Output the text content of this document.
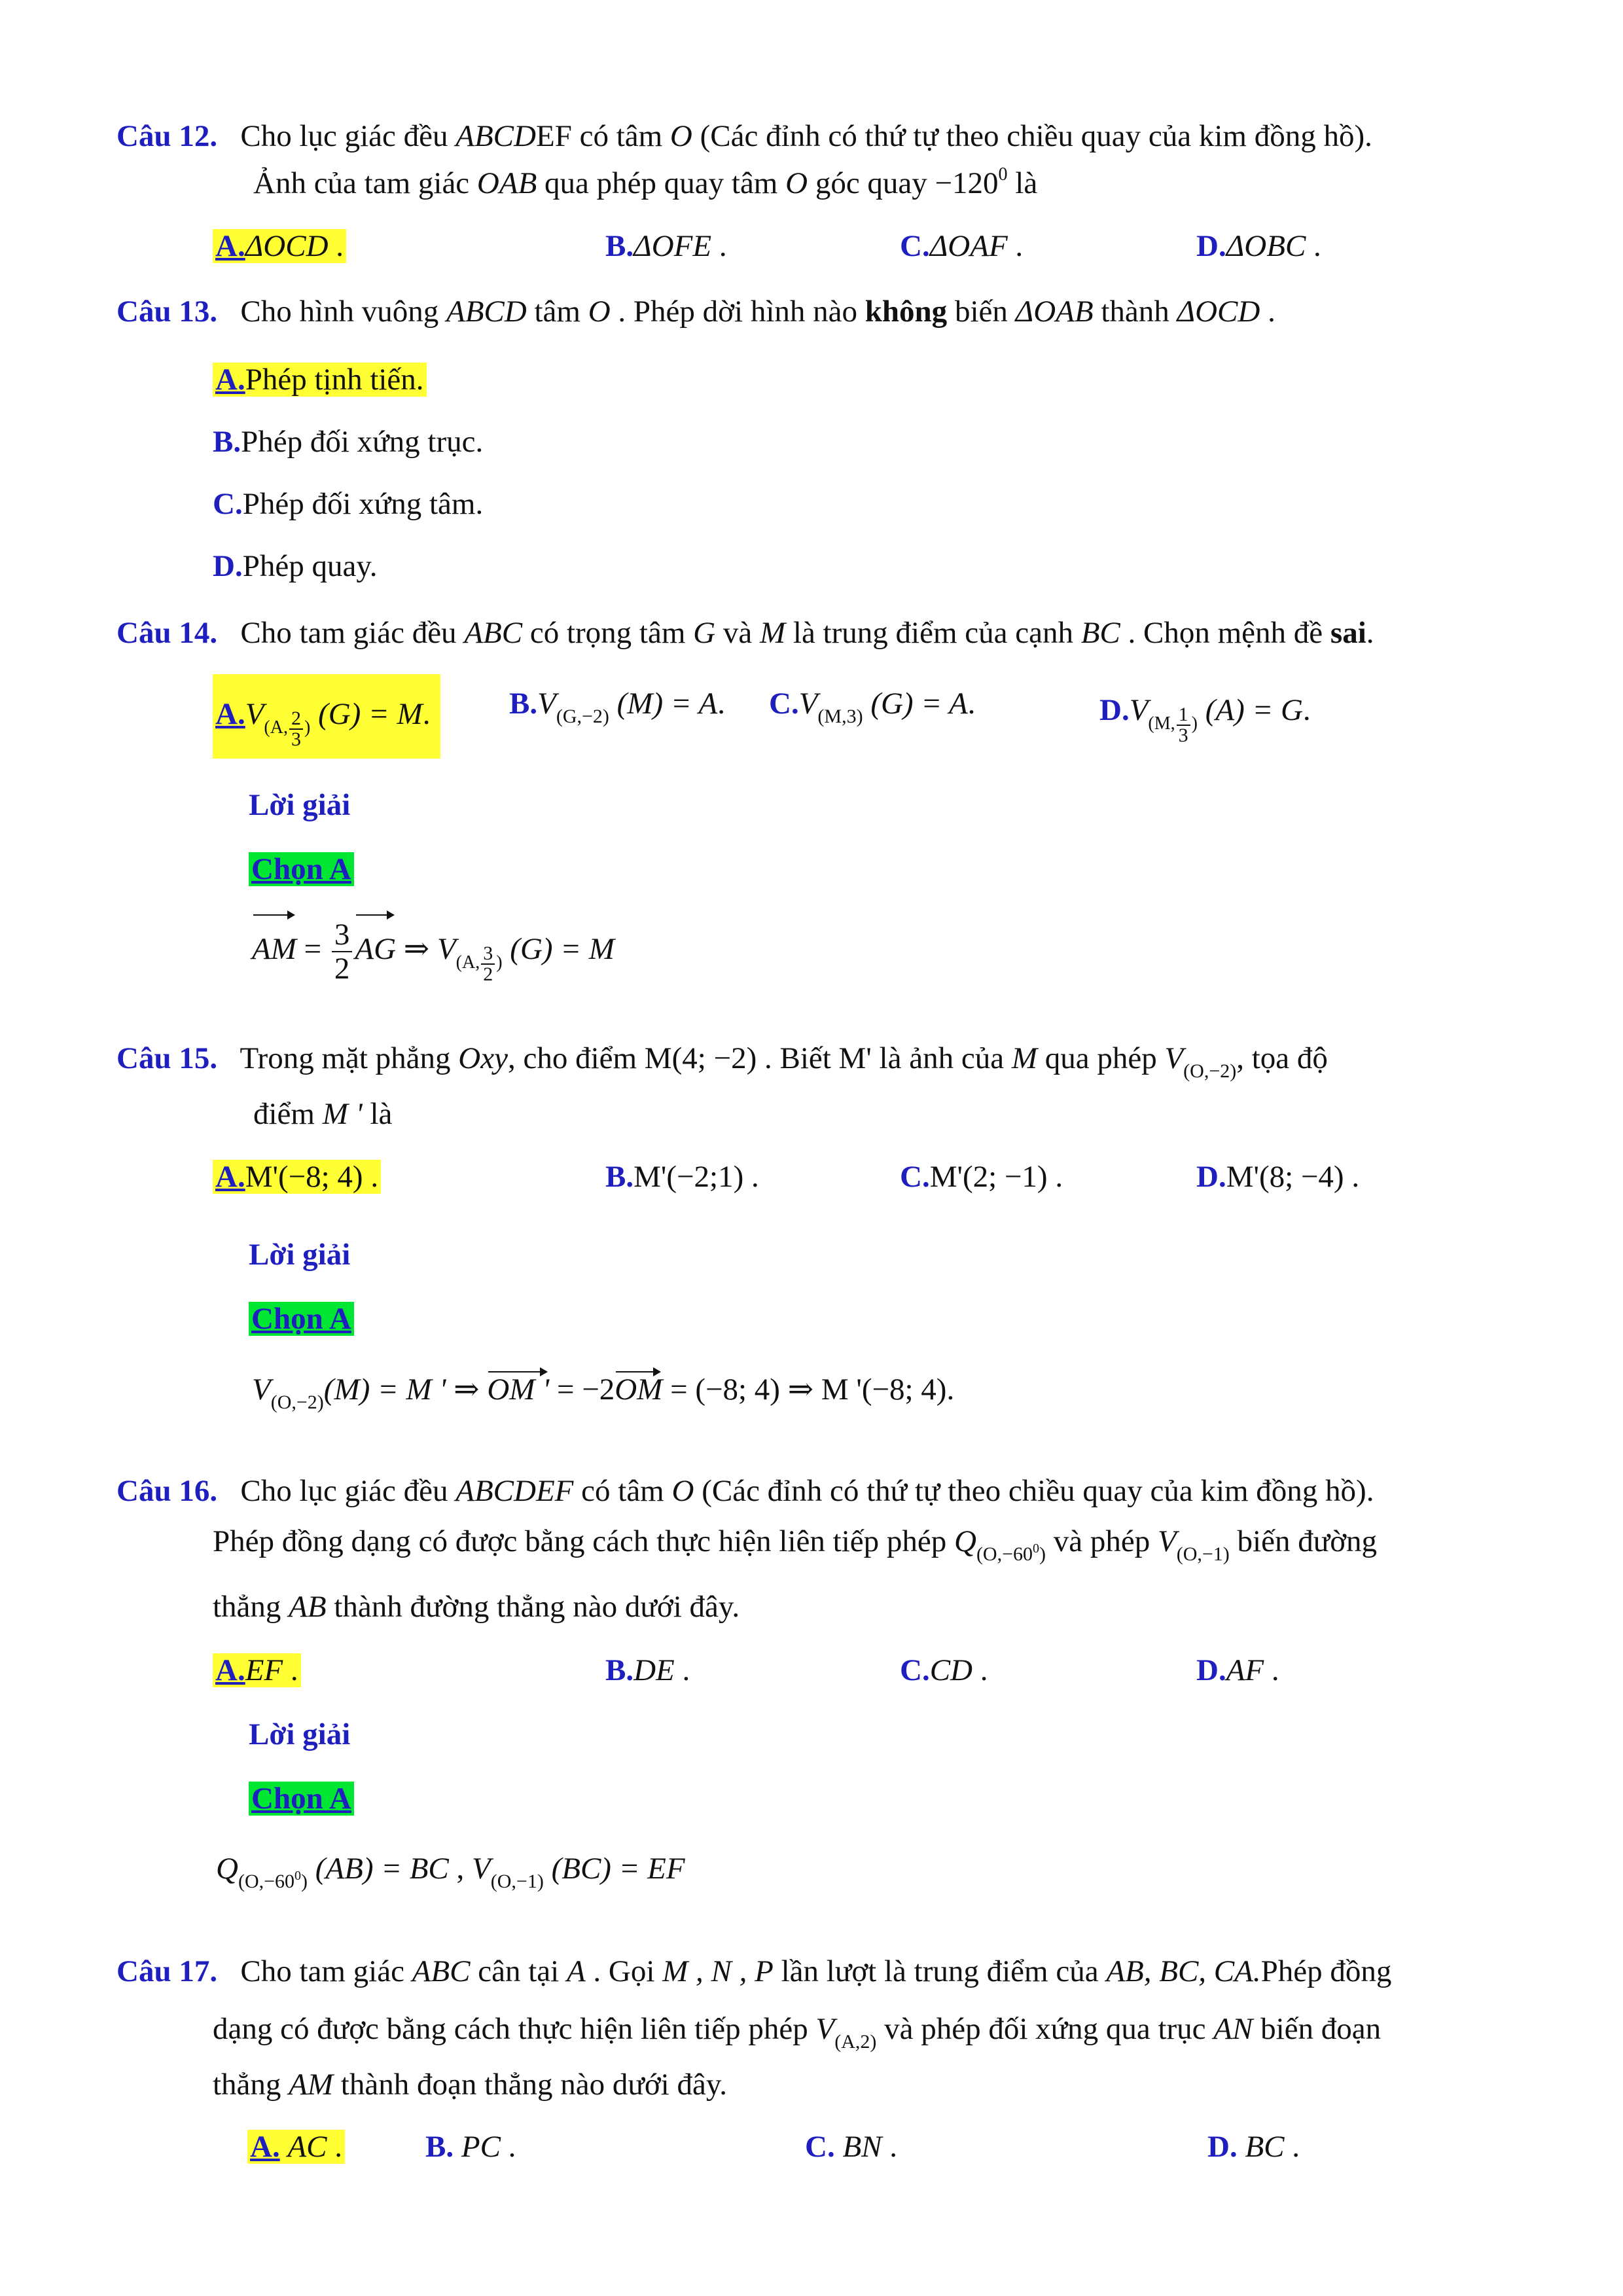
Câu 12. Cho lục giác đều ABCDEF có tâm O (Các đỉnh có thứ tự theo chiều quay của kim đồng hồ).
Ảnh của tam giác OAB qua phép quay tâm O góc quay $-120^0$ là
A.ΔOCD .	B.ΔOFE .	C.ΔOAF .	D.ΔOBC .
Câu 13. Cho hình vuông ABCD tâm O . Phép dời hình nào không biến ΔOAB thành ΔOCD .
A.Phép tịnh tiến.
B.Phép đối xứng trục.
C.Phép đối xứng tâm.
D.Phép quay.
Câu 14. Cho tam giác đều ABC có trọng tâm G và M là trung điểm của cạnh BC . Chọn mệnh đề sai.
$A.V_{(A, \frac{2}{3} )}$ (G) = M.	$B.V_{(G,-2)}$ (M) = A. $C.V_{(M,3)}$ (G) = A.	$D.V_{(M, \frac{1}{3} )}$ (A) = G.
Lời giải
Chọn A
AM = $\frac{3}{2}$ AG ⇒ $V_{(A, \frac{3}{2} )}$ (G) = M
Câu 15. Trong mặt phẳng Oxy, cho điểm M(4; −2) . Biết M' là ảnh của M qua phép $V_{(O,-2)}$, tọa độ
điểm M ' là
A.M'(−8; 4) .	B.M'(−2;1) .	C.M'(2; −1) .	D.M'(8; −4) .
Lời giải
Chọn A
$V_{(O,-2)}(M) = M$ ' ⇒ OM ' = −2OM = (−8; 4) ⇒ M '(−8; 4).
Câu 16. Cho lục giác đều ABCDEF có tâm O (Các đỉnh có thứ tự theo chiều quay của kim đồng hồ).
Phép đồng dạng có được bằng cách thực hiện liên tiếp phép $Q_{(O,-60^0)}$ và phép $V_{(O,-1)}$ biến đường
thẳng AB thành đường thẳng nào dưới đây.
A.EF .	B.DE .	C.CD .	D.AF .
Lời giải
Chọn A
$Q_{(O,-60^0)}$ (AB) = BC , $V_{(O,-1)}$ (BC) = EF
Câu 17. Cho tam giác ABC cân tại A . Gọi M , N , P lần lượt là trung điểm của AB, BC, CA.Phép đồng
dạng có được bằng cách thực hiện liên tiếp phép $V_{(A,2)}$ và phép đối xứng qua trục AN biến đoạn
thẳng AM thành đoạn thẳng nào dưới đây.
A. AC .	B. PC .	C. BN .	D. BC .
